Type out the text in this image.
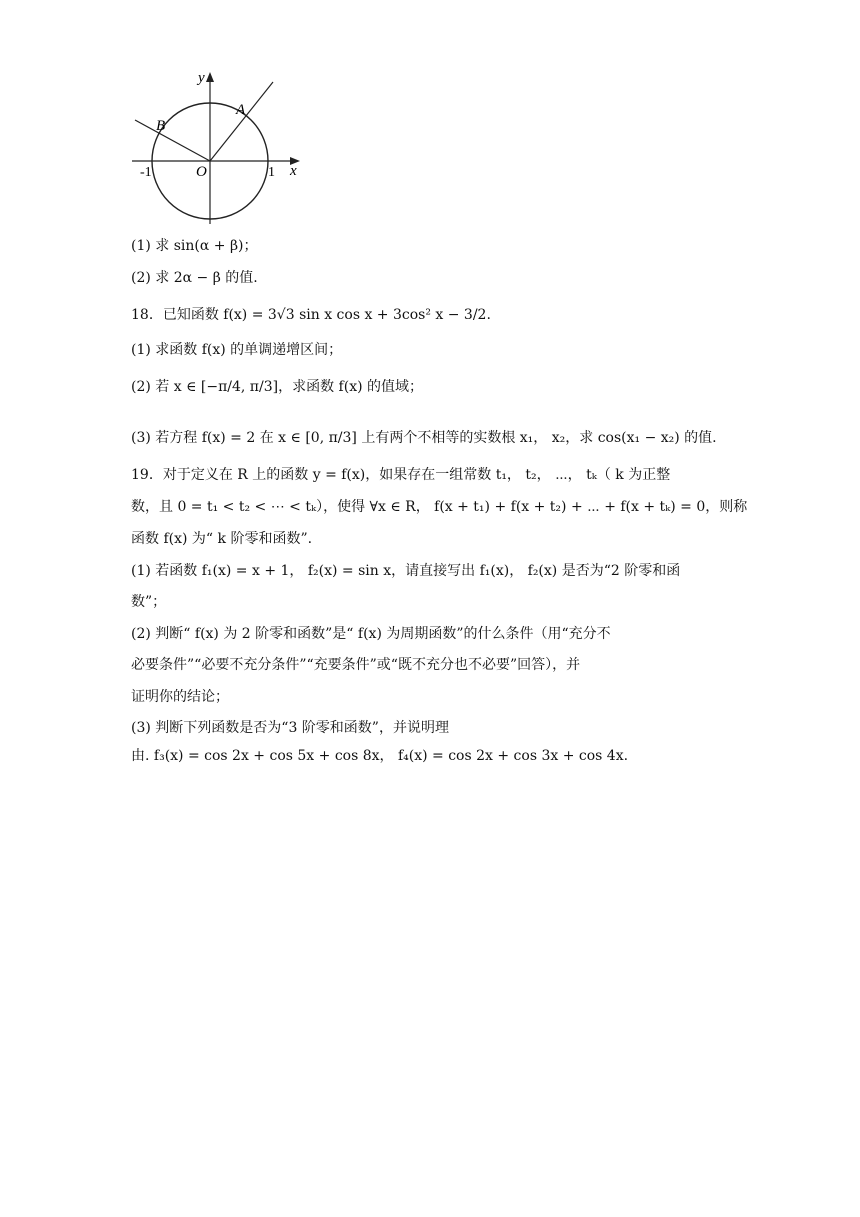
y
x
A
B
O
-1	1
(1) 求 sin(α + β)；
(2) 求 2α − β 的值.
18．已知函数 f(x) = 3√3 sin x cos x + 3cos² x − 3/2.
(1) 求函数 f(x) 的单调递增区间；
(2) 若 x ∈ [−π/4, π/3]，求函数 f(x) 的值域；
(3) 若方程 f(x) = 2 在 x ∈ [0, π/3] 上有两个不相等的实数根 x₁， x₂，求 cos(x₁ − x₂) 的值.
19．对于定义在 R 上的函数 y = f(x)，如果存在一组常数 t₁， t₂， ⋯， tₖ（ k 为正整
数，且 0 = t₁ < t₂ < ⋯ < tₖ），使得 ∀x ∈ R， f(x + t₁) + f(x + t₂) + ⋯ + f(x + tₖ) = 0，则称
函数 f(x) 为“ k 阶零和函数”.
(1) 若函数 f₁(x) = x + 1， f₂(x) = sin x，请直接写出 f₁(x)， f₂(x) 是否为“2 阶零和函
数”；
(2) 判断“ f(x) 为 2 阶零和函数”是“ f(x) 为周期函数”的什么条件（用“充分不
必要条件”“必要不充分条件”“充要条件”或“既不充分也不必要”回答），并
证明你的结论；
(3) 判断下列函数是否为“3 阶零和函数”，并说明理
由. f₃(x) = cos 2x + cos 5x + cos 8x， f₄(x) = cos 2x + cos 3x + cos 4x.
